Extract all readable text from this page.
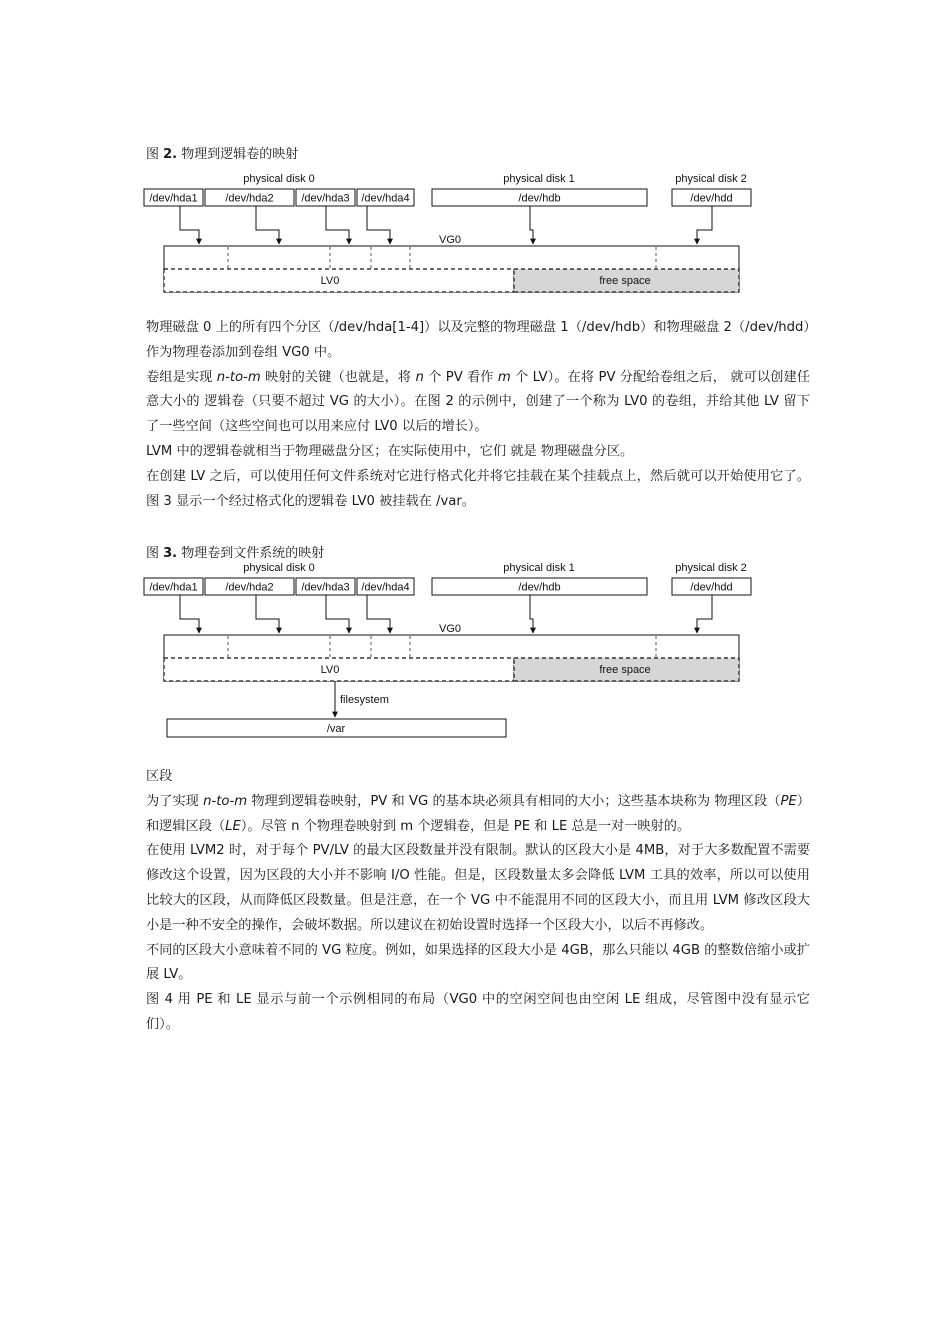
图 2. 物理到逻辑卷的映射
physical disk 0	physical disk 1	physical disk 2
/dev/hda1	/dev/hda2	/dev/hda3 /dev/hda4	/dev/hdb	/dev/hdd
VG0
LV0	free space

物理磁盘 0 上的所有四个分区（/dev/hda[1-4]）以及完整的物理磁盘 1（/dev/hdb）和物理磁盘 2（/dev/hdd）作为物理卷添加到卷组 VG0 中。

卷组是实现 n-to-m 映射的关键（也就是，将 n 个 PV 看作 m 个 LV）。在将 PV 分配给卷组之后， 就可以创建任意大小的 逻辑卷（只要不超过 VG 的大小）。在图 2 的示例中，创建了一个称为 LV0 的卷组，并给其他 LV 留下了一些空间（这些空间也可以用来应付 LV0 以后的增长）。

LVM 中的逻辑卷就相当于物理磁盘分区；在实际使用中，它们 就是 物理磁盘分区。

在创建 LV 之后，可以使用任何文件系统对它进行格式化并将它挂载在某个挂载点上，然后就可以开始使用它了。图 3 显示一个经过格式化的逻辑卷 LV0 被挂载在 /var。

图 3. 物理卷到文件系统的映射
physical disk 0	physical disk 1	physical disk 2
/dev/hda1	/dev/hda2	/dev/hda3 /dev/hda4	/dev/hdb	/dev/hdd
VG0
LV0	free space
filesystem
/var

区段

为了实现 n-to-m 物理到逻辑卷映射，PV 和 VG 的基本块必须具有相同的大小；这些基本块称为 物理区段（PE）和逻辑区段（LE）。尽管 n 个物理卷映射到 m 个逻辑卷，但是 PE 和 LE 总是一对一映射的。

在使用 LVM2 时，对于每个 PV/LV 的最大区段数量并没有限制。默认的区段大小是 4MB，对于大多数配置不需要修改这个设置，因为区段的大小并不影响 I/O 性能。但是，区段数量太多会降低 LVM 工具的效率，所以可以使用比较大的区段，从而降低区段数量。但是注意，在一个 VG 中不能混用不同的区段大小，而且用 LVM 修改区段大小是一种不安全的操作，会破坏数据。所以建议在初始设置时选择一个区段大小，以后不再修改。

不同的区段大小意味着不同的 VG 粒度。例如，如果选择的区段大小是 4GB，那么只能以 4GB 的整数倍缩小或扩展 LV。

图 4 用 PE 和 LE 显示与前一个示例相同的布局（VG0 中的空闲空间也由空闲 LE 组成，尽管图中没有显示它们）。
